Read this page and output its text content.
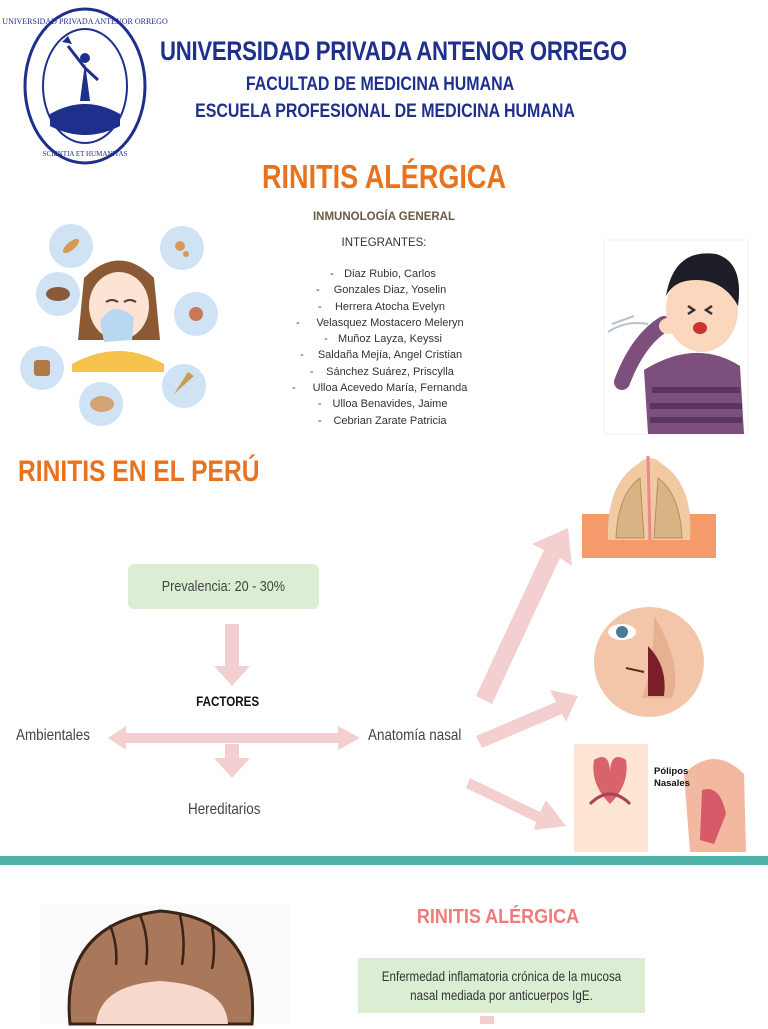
UNIVERSIDAD PRIVADA ANTENOR ORREGO
SCIENTIA ET HUMANITAS
UNIVERSIDAD PRIVADA ANTENOR ORREGO
FACULTAD DE MEDICINA HUMANA
ESCUELA PROFESIONAL DE MEDICINA HUMANA
RINITIS ALÉRGICA
INMUNOLOGÍA GENERAL
INTEGRANTES:
- Diaz Rubio, Carlos
- Gonzales Diaz, Yoselin
- Herrera Atocha Evelyn
- Velasquez Mostacero Meleryn
- Muñoz Layza, Keyssi
- Saldaña Mejía, Angel Cristian
- Sánchez Suárez, Priscylla
- Ulloa Acevedo María, Fernanda
- Ulloa Benavides, Jaime
- Cebrian Zarate Patricia
RINITIS EN EL PERÚ
Prevalencia: 20 - 30%
FACTORES
Ambientales	Anatomía nasal
Hereditarios
Pólipos
Nasales
RINITIS ALÉRGICA
Enfermedad inflamatoria crónica de la mucosa nasal mediada por anticuerpos IgE.
